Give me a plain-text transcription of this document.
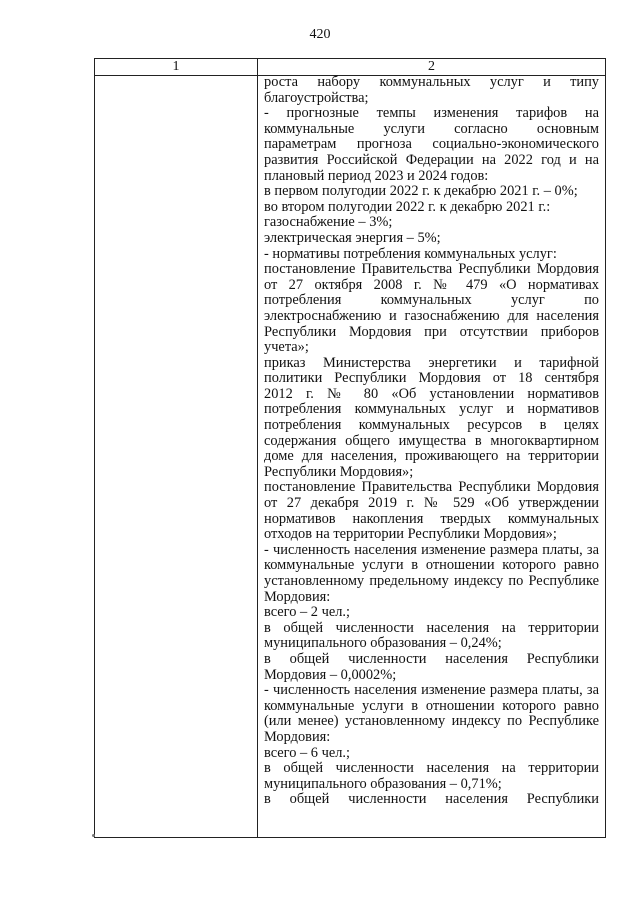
420
1	2
роста набору коммунальных услуг и типу
благоустройства;
- прогнозные темпы изменения тарифов на
коммунальные услуги согласно основным
параметрам прогноза социально-экономического
развития Российской Федерации на 2022 год и на
плановый период 2023 и 2024 годов:
в первом полугодии 2022 г. к декабрю 2021 г. – 0%;
во втором полугодии 2022 г. к декабрю 2021 г.:
газоснабжение – 3%;
электрическая энергия – 5%;
- нормативы потребления коммунальных услуг:
постановление Правительства Республики Мордовия
от 27 октября 2008 г. № 479 «О нормативах
потребления коммунальных услуг по
электроснабжению и газоснабжению для населения
Республики Мордовия при отсутствии приборов
учета»;
приказ Министерства энергетики и тарифной
политики Республики Мордовия от 18 сентября
2012 г. № 80 «Об установлении нормативов
потребления коммунальных услуг и нормативов
потребления коммунальных ресурсов в целях
содержания общего имущества в многоквартирном
доме для населения, проживающего на территории
Республики Мордовия»;
постановление Правительства Республики Мордовия
от 27 декабря 2019 г. № 529 «Об утверждении
нормативов накопления твердых коммунальных
отходов на территории Республики Мордовия»;
- численность населения изменение размера платы, за
коммунальные услуги в отношении которого равно
установленному предельному индексу по Республике
Мордовия:
всего – 2 чел.;
в общей численности населения на территории
муниципального образования – 0,24%;
в общей численности населения Республики
Мордовия – 0,0002%;
- численность населения изменение размера платы, за
коммунальные услуги в отношении которого равно
(или менее) установленному индексу по Республике
Мордовия:
всего – 6 чел.;
в общей численности населения на территории
муниципального образования – 0,71%;
в общей численности населения Республики
